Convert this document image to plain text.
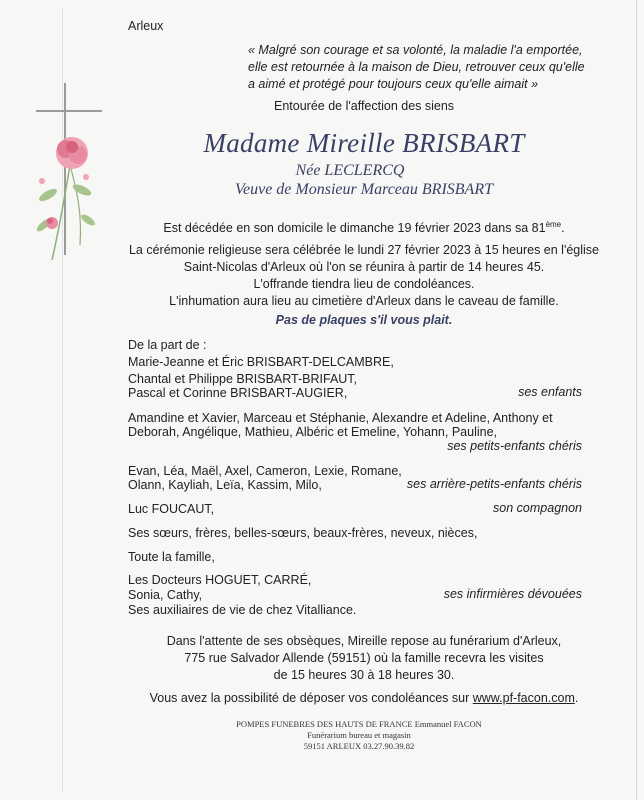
Arleux
« Malgré son courage et sa volonté, la maladie l'a emportée,
elle est retournée à la maison de Dieu, retrouver ceux qu'elle
a aimé et protégé pour toujours ceux qu'elle aimait »
Entourée de l'affection des siens
Madame Mireille BRISBART
Née LECLERCQ
Veuve de Monsieur Marceau BRISBART
Est décédée en son domicile le dimanche 19 février 2023 dans sa 81ème.
La cérémonie religieuse sera célébrée le lundi 27 février 2023 à 15 heures en l'église
Saint-Nicolas d'Arleux où l'on se réunira à partir de 14 heures 45.
L'offrande tiendra lieu de condoléances.
L'inhumation aura lieu au cimetière d'Arleux dans le caveau de famille.
Pas de plaques s'il vous plait.
De la part de :
Marie-Jeanne et Éric BRISBART-DELCAMBRE,
Chantal et Philippe BRISBART-BRIFAUT,
Pascal et Corinne BRISBART-AUGIER,	ses enfants
Amandine et Xavier, Marceau et Stéphanie, Alexandre et Adeline, Anthony et
Deborah, Angélique, Mathieu, Albéric et Emeline, Yohann, Pauline,
ses petits-enfants chéris
Evan, Léa, Maël, Axel, Cameron, Lexie, Romane,
Olann, Kayliah, Leïa, Kassim, Milo,	ses arrière-petits-enfants chéris
Luc FOUCAUT,	son compagnon
Ses sœurs, frères, belles-sœurs, beaux-frères, neveux, nièces,
Toute la famille,
Les Docteurs HOGUET, CARRÉ,
Sonia, Cathy,	ses infirmières dévouées
Ses auxiliaires de vie de chez Vitalliance.
Dans l'attente de ses obsèques, Mireille repose au funérarium d'Arleux,
775 rue Salvador Allende (59151) où la famille recevra les visites
de 15 heures 30 à 18 heures 30.
Vous avez la possibilité de déposer vos condoléances sur www.pf-facon.com.
POMPES FUNEBRES DES HAUTS DE FRANCE Emmanuel FACON
Funérarium bureau et magasin
59151 ARLEUX 03.27.90.39.82
